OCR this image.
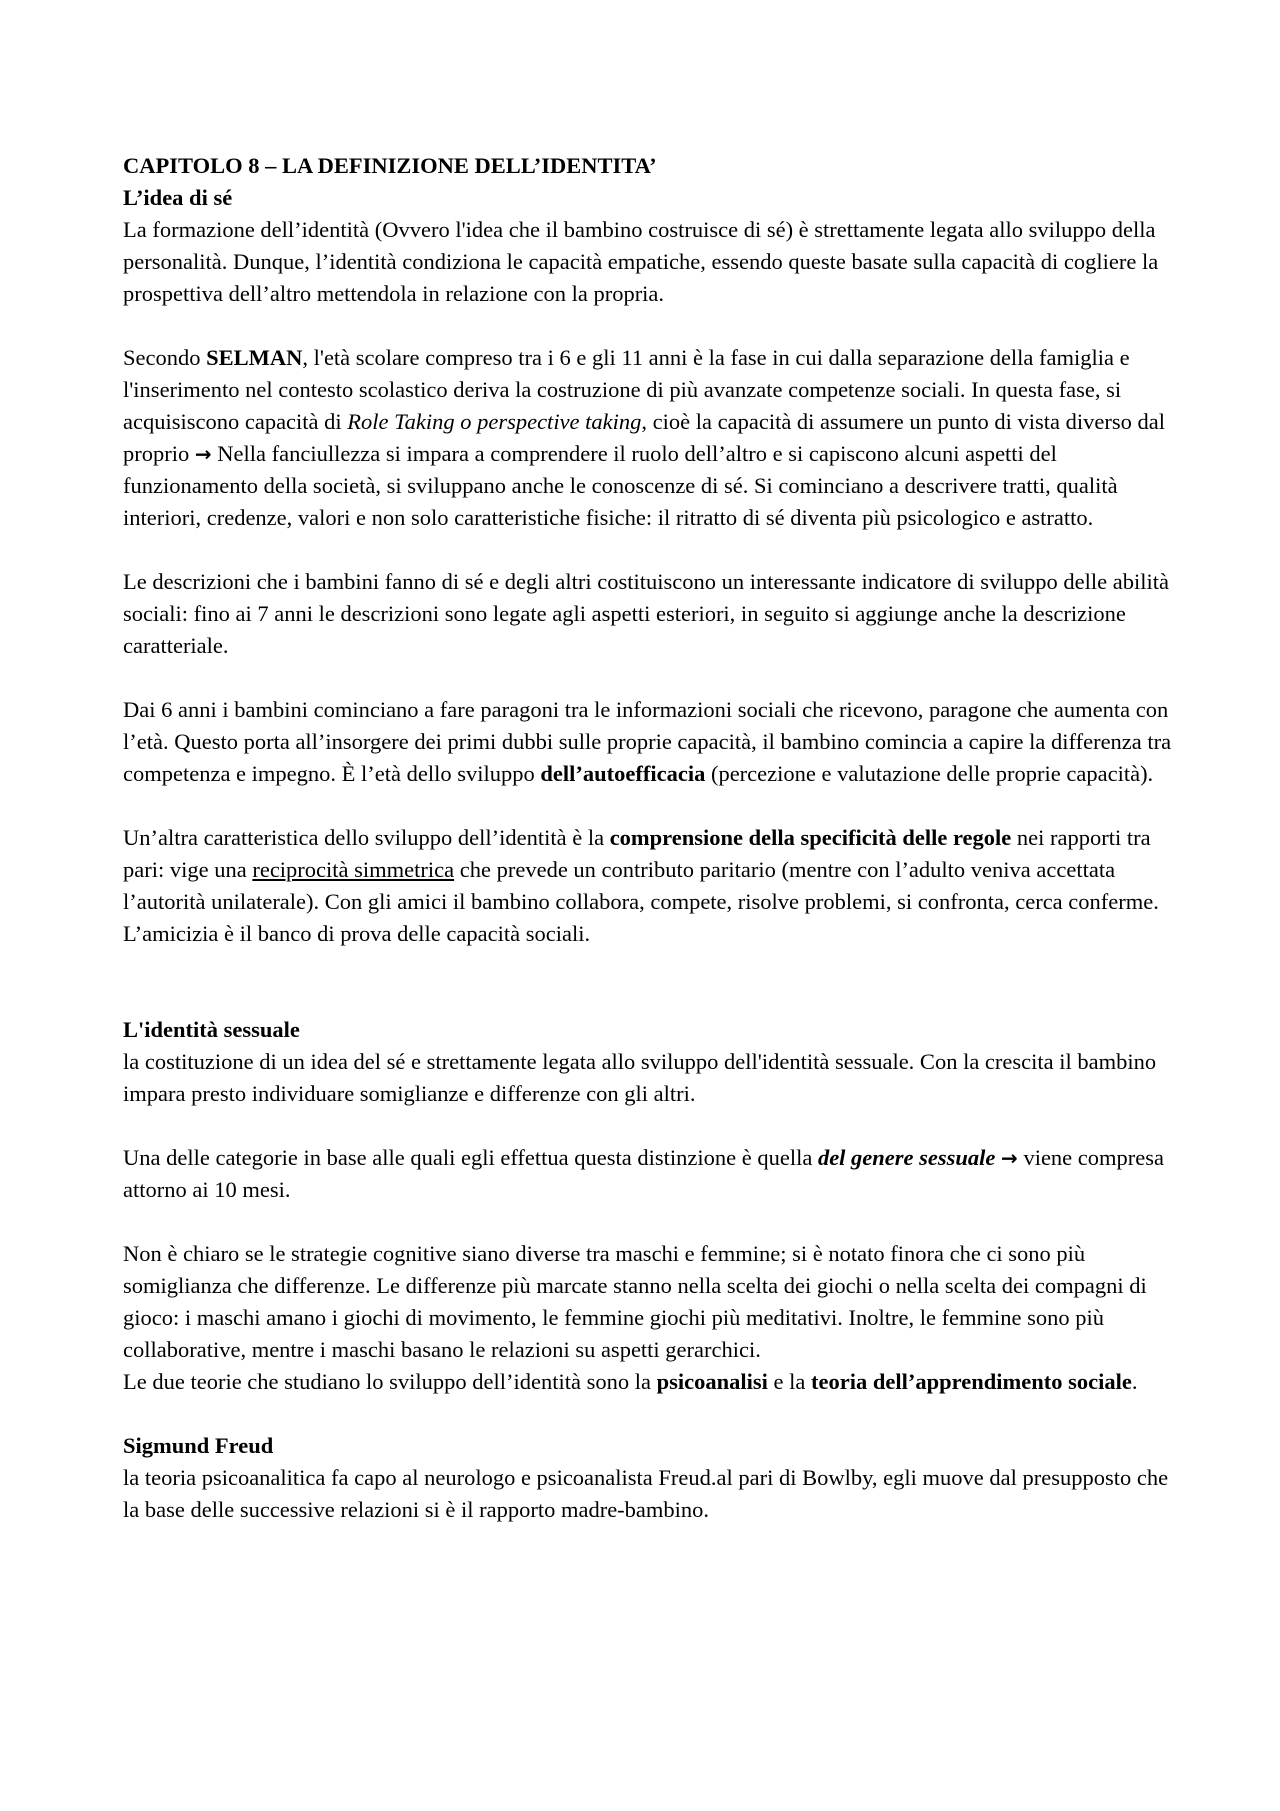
CAPITOLO 8 – LA DEFINIZIONE DELL’IDENTITA’

L’idea di sé

La formazione dell’identità (Ovvero l'idea che il bambino costruisce di sé) è strettamente legata allo sviluppo della personalità. Dunque, l’identità condiziona le capacità empatiche, essendo queste basate sulla capacità di cogliere la prospettiva dell’altro mettendola in relazione con la propria.

Secondo SELMAN, l'età scolare compreso tra i 6 e gli 11 anni è la fase in cui dalla separazione della famiglia e l'inserimento nel contesto scolastico deriva la costruzione di più avanzate competenze sociali. In questa fase, si acquisiscono capacità di Role Taking o perspective taking, cioè la capacità di assumere un punto di vista diverso dal proprio → Nella fanciullezza si impara a comprendere il ruolo dell’altro e si capiscono alcuni aspetti del funzionamento della società, si sviluppano anche le conoscenze di sé. Si cominciano a descrivere tratti, qualità interiori, credenze, valori e non solo caratteristiche fisiche: il ritratto di sé diventa più psicologico e astratto.

Le descrizioni che i bambini fanno di sé e degli altri costituiscono un interessante indicatore di sviluppo delle abilità sociali: fino ai 7 anni le descrizioni sono legate agli aspetti esteriori, in seguito si aggiunge anche la descrizione caratteriale.

Dai 6 anni i bambini cominciano a fare paragoni tra le informazioni sociali che ricevono, paragone che aumenta con l’età. Questo porta all’insorgere dei primi dubbi sulle proprie capacità, il bambino comincia a capire la differenza tra competenza e impegno. È l’età dello sviluppo dell’autoefficacia (percezione e valutazione delle proprie capacità).

Un’altra caratteristica dello sviluppo dell’identità è la comprensione della specificità delle regole nei rapporti tra pari: vige una reciprocità simmetrica che prevede un contributo paritario (mentre con l’adulto veniva accettata l’autorità unilaterale). Con gli amici il bambino collabora, compete, risolve problemi, si confronta, cerca conferme. L’amicizia è il banco di prova delle capacità sociali.

L'identità sessuale

la costituzione di un idea del sé e strettamente legata allo sviluppo dell'identità sessuale. Con la crescita il bambino impara presto individuare somiglianze e differenze con gli altri.

Una delle categorie in base alle quali egli effettua questa distinzione è quella del genere sessuale → viene compresa attorno ai 10 mesi.

Non è chiaro se le strategie cognitive siano diverse tra maschi e femmine; si è notato finora che ci sono più somiglianza che differenze. Le differenze più marcate stanno nella scelta dei giochi o nella scelta dei compagni di gioco: i maschi amano i giochi di movimento, le femmine giochi più meditativi. Inoltre, le femmine sono più collaborative, mentre i maschi basano le relazioni su aspetti gerarchici.

Le due teorie che studiano lo sviluppo dell’identità sono la psicoanalisi e la teoria dell’apprendimento sociale.

Sigmund Freud

la teoria psicoanalitica fa capo al neurologo e psicoanalista Freud.al pari di Bowlby, egli muove dal presupposto che la base delle successive relazioni si è il rapporto madre-bambino.
